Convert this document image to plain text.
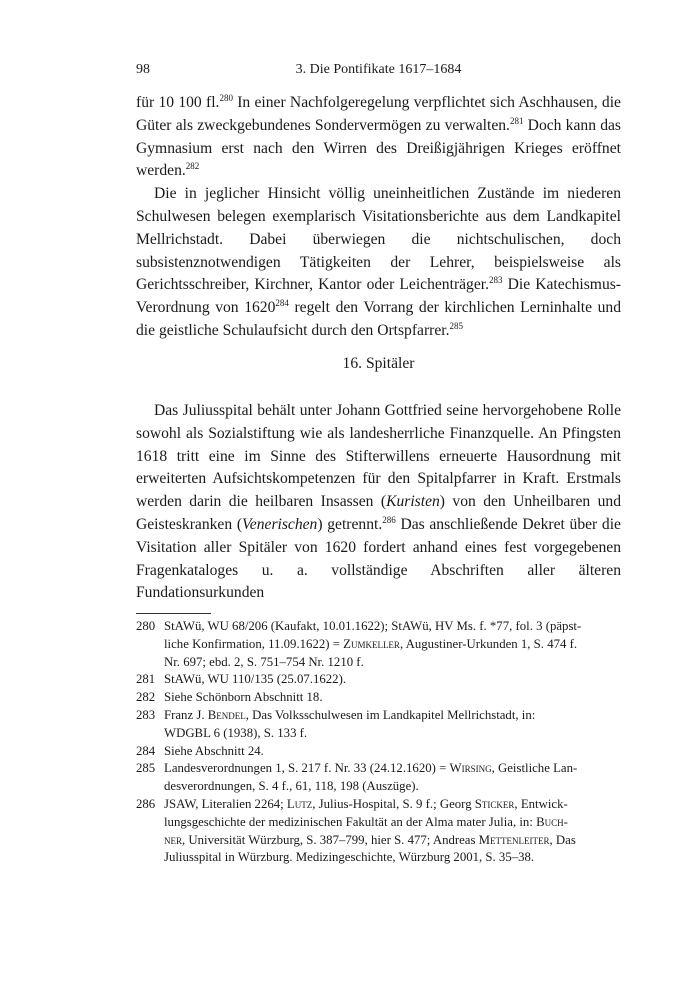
98	3. Die Pontifikate 1617–1684

für 10 100 fl.$^{280}$ In einer Nachfolgeregelung verpflichtet sich Aschhausen, die Güter als zweckgebundenes Sondervermögen zu verwalten.$^{281}$ Doch kann das Gymnasium erst nach den Wirren des Dreißigjährigen Krieges eröffnet werden.$^{282}$

Die in jeglicher Hinsicht völlig uneinheitlichen Zustände im niederen Schulwesen belegen exemplarisch Visitationsberichte aus dem Landkapitel Mellrichstadt. Dabei überwiegen die nichtschulischen, doch subsistenznotwendigen Tätigkeiten der Lehrer, beispielsweise als Gerichtsschreiber, Kirchner, Kantor oder Leichenträger.$^{283}$ Die Katechismus-Verordnung von 1620$^{284}$ regelt den Vorrang der kirchlichen Lerninhalte und die geistliche Schulaufsicht durch den Ortspfarrer.$^{285}$

16. Spitäler

Das Juliusspital behält unter Johann Gottfried seine hervorgehobene Rolle sowohl als Sozialstiftung wie als landesherrliche Finanzquelle. An Pfingsten 1618 tritt eine im Sinne des Stifterwillens erneuerte Hausordnung mit erweiterten Aufsichtskompetenzen für den Spitalpfarrer in Kraft. Erstmals werden darin die heilbaren Insassen (Kuristen) von den Unheilbaren und Geisteskranken (Venerischen) getrennt.$^{286}$ Das anschließende Dekret über die Visitation aller Spitäler von 1620 fordert anhand eines fest vorgegebenen Fragenkataloges u. a. vollständige Abschriften aller älteren Fundationsurkunden

280 StAWü, WU 68/206 (Kaufakt, 10.01.1622); StAWü, HV Ms. f. *77, fol. 3 (päpst-
liche Konfirmation, 11.09.1622) = Zumkeller, Augustiner-Urkunden 1, S. 474 f.
Nr. 697; ebd. 2, S. 751–754 Nr. 1210 f.
281 StAWü, WU 110/135 (25.07.1622).
282 Siehe Schönborn Abschnitt 18.
283 Franz J. Bendel, Das Volksschulwesen im Landkapitel Mellrichstadt, in:
WDGBL 6 (1938), S. 133 f.
284 Siehe Abschnitt 24.
285 Landesverordnungen 1, S. 217 f. Nr. 33 (24.12.1620) = Wirsing, Geistliche Lan-
desverordnungen, S. 4 f., 61, 118, 198 (Auszüge).
286 JSAW, Literalien 2264; Lutz, Julius-Hospital, S. 9 f.; Georg Sticker, Entwick-
lungsgeschichte der medizinischen Fakultät an der Alma mater Julia, in: Buch-
ner, Universität Würzburg, S. 387–799, hier S. 477; Andreas Mettenleiter, Das
Juliusspital in Würzburg. Medizingeschichte, Würzburg 2001, S. 35–38.
